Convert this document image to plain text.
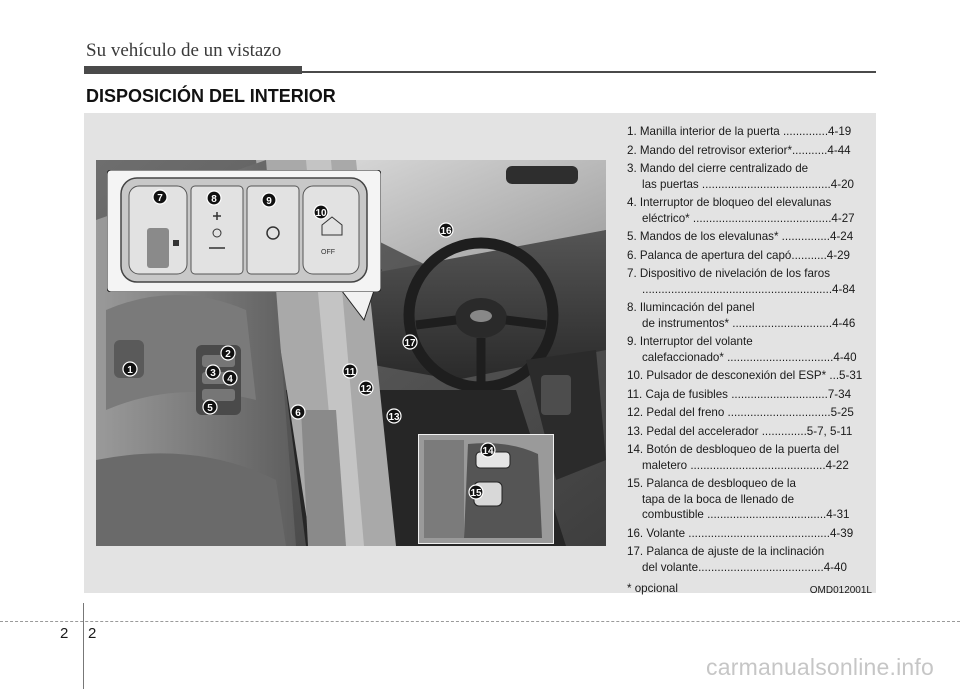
Su vehículo de un vistazo
DISPOSICIÓN DEL INTERIOR
1
2
3
4
5	6
11
12
13
16
17
OFF
7	8	9
10
14
15
1. Manilla interior de la puerta ..............4-19
2. Mando del retrovisor exterior*...........4-44
3. Mando del cierre centralizado de
las puertas ........................................4-20
4. Interruptor de bloqueo del elevalunas
eléctrico* ...........................................4-27
5. Mandos de los elevalunas* ...............4-24
6. Palanca de apertura del capó...........4-29
7. Dispositivo de nivelación de los faros
...........................................................4-84
8. Ilumincación del panel
de instrumentos* ...............................4-46
9. Interruptor del volante
calefaccionado* .................................4-40
10. Pulsador de desconexión del ESP* ...5-31
11. Caja de fusibles ..............................7-34
12. Pedal del freno ................................5-25
13. Pedal del accelerador ..............5-7, 5-11
14. Botón de desbloqueo de la puerta del
maletero ..........................................4-22
15. Palanca de desbloqueo de la
tapa de la boca de llenado de
combustible .....................................4-31
16. Volante ............................................4-39
17. Palanca de ajuste de la inclinación
del volante.......................................4-40
* opcional	OMD012001L
2 2
carmanualsonline.info
